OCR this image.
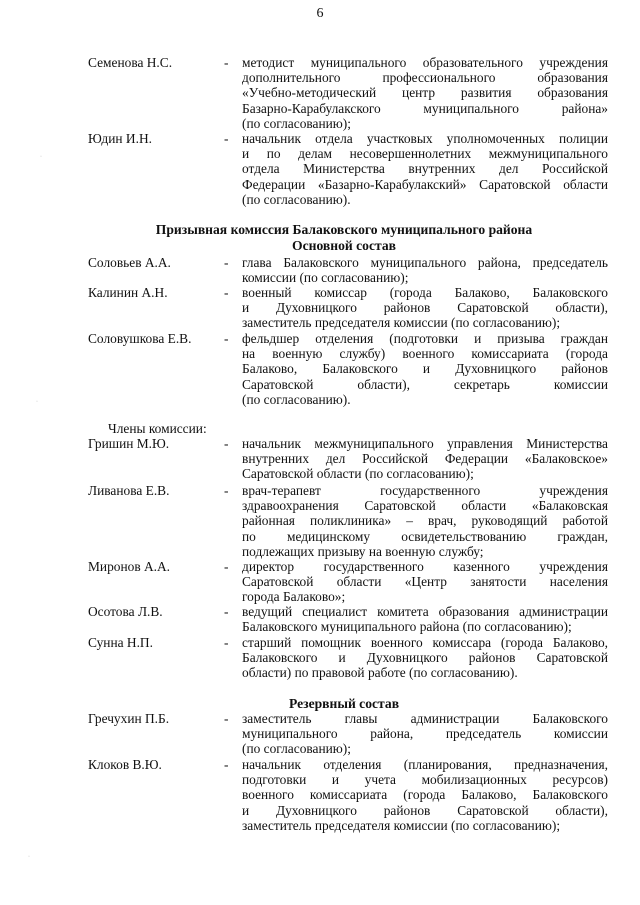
6
Семенова Н.С.	- методист муниципального образовательного учреждения
дополнительного профессионального образования
«Учебно-методический центр развития образования
Базарно-Карабулакского муниципального района»
(по согласованию);
Юдин И.Н.	- начальник отдела участковых уполномоченных полиции
и по делам несовершеннолетних межмуниципального
отдела Министерства внутренних дел Российской
Федерации «Базарно-Карабулакский» Саратовской области
(по согласованию).
Призывная комиссия Балаковского муниципального района
Основной состав
Соловьев А.А.	- глава Балаковского муниципального района, председатель
комиссии (по согласованию);
Калинин А.Н.	- военный комиссар (города Балаково, Балаковского
и Духовницкого районов Саратовской области),
заместитель председателя комиссии (по согласованию);
Соловушкова Е.В. - фельдшер отделения (подготовки и призыва граждан
на военную службу) военного комиссариата (города
Балаково, Балаковского и Духовницкого районов
Саратовской области), секретарь комиссии
(по согласованию).
Члены комиссии:
Гришин М.Ю.	- начальник межмуниципального управления Министерства
внутренних дел Российской Федерации «Балаковское»
Саратовской области (по согласованию);
Ливанова Е.В.	- врач-терапевт государственного учреждения
здравоохранения Саратовской области «Балаковская
районная поликлиника» – врач, руководящий работой
по медицинскому освидетельствованию граждан,
подлежащих призыву на военную службу;
Миронов А.А.	- директор государственного казенного учреждения
Саратовской области «Центр занятости населения
города Балаково»;
Осотова Л.В.	- ведущий специалист комитета образования администрации
Балаковского муниципального района (по согласованию);
Сунна Н.П.	- старший помощник военного комиссара (города Балаково,
Балаковского и Духовницкого районов Саратовской
области) по правовой работе (по согласованию).
Резервный состав
Гречухин П.Б.	- заместитель главы администрации Балаковского
муниципального района, председатель комиссии
(по согласованию);
Клоков В.Ю.	- начальник отделения (планирования, предназначения,
подготовки и учета мобилизационных ресурсов)
военного комиссариата (города Балаково, Балаковского
и Духовницкого районов Саратовской области),
заместитель председателя комиссии (по согласованию);
·
·
·
